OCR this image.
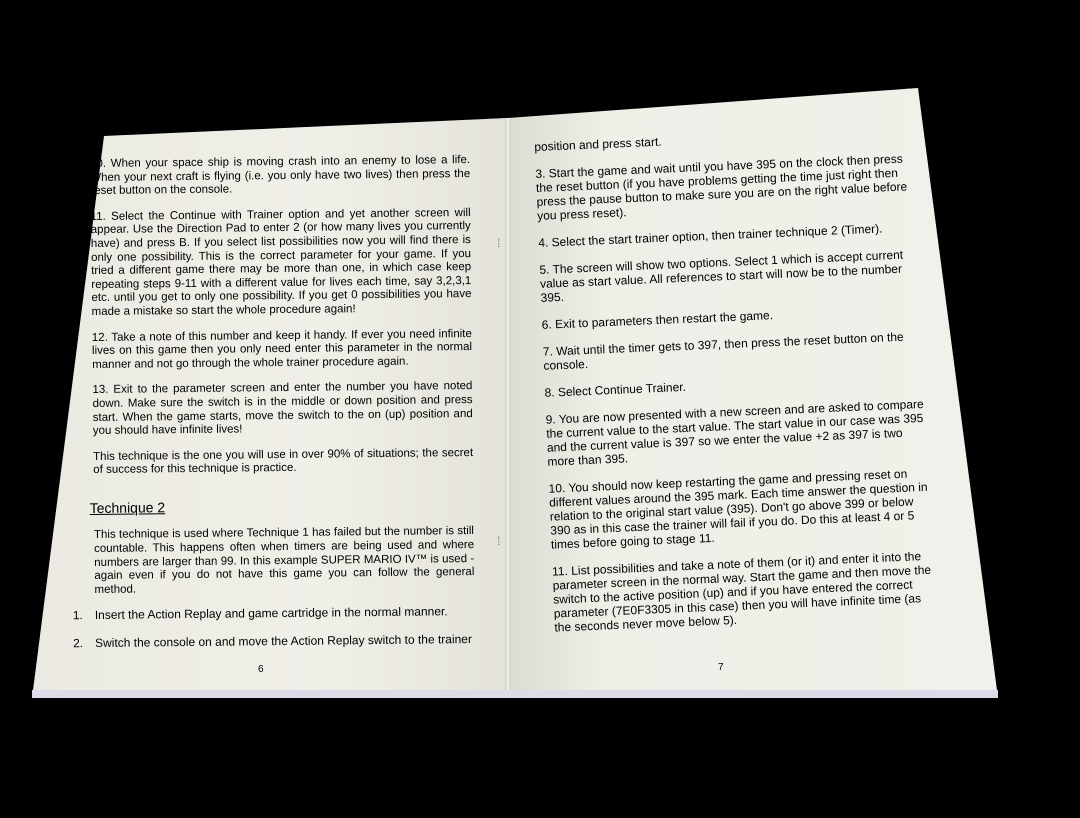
10. When your space ship is moving crash into an enemy to lose a life. When your next craft is flying (i.e. you only have two lives) then press the reset button on the console.

11. Select the Continue with Trainer option and yet another screen will appear. Use the Direction Pad to enter 2 (or how many lives you currently have) and press B. If you select list possibilities now you will find there is only one possibility. This is the correct parameter for your game. If you tried a different game there may be more than one, in which case keep repeating steps 9-11 with a different value for lives each time, say 3,2,3,1 etc. until you get to only one possibility. If you get 0 possibilities you have made a mistake so start the whole procedure again!

12. Take a note of this number and keep it handy. If ever you need infinite lives on this game then you only need enter this parameter in the normal manner and not go through the whole trainer procedure again.

13. Exit to the parameter screen and enter the number you have noted down. Make sure the switch is in the middle or down position and press start. When the game starts, move the switch to the on (up) position and you should have infinite lives!

This technique is the one you will use in over 90% of situations; the secret of success for this technique is practice.

Technique 2

This technique is used where Technique 1 has failed but the number is still countable. This happens often when timers are being used and where numbers are larger than 99. In this example SUPER MARIO IV™ is used - again even if you do not have this game you can follow the general method.

1. Insert the Action Replay and game cartridge in the normal manner.
2. Switch the console on and move the Action Replay switch to the trainer

position and press start.

3. Start the game and wait until you have 395 on the clock then press the reset button (if you have problems getting the time just right then press the pause button to make sure you are on the right value before you press reset).

4. Select the start trainer option, then trainer technique 2 (Timer).

5. The screen will show two options. Select 1 which is accept current value as start value. All references to start will now be to the number 395.

6. Exit to parameters then restart the game.

7. Wait until the timer gets to 397, then press the reset button on the console.

8. Select Continue Trainer.

9. You are now presented with a new screen and are asked to compare the current value to the start value. The start value in our case was 395 and the current value is 397 so we enter the value +2 as 397 is two more than 395.

10. You should now keep restarting the game and pressing reset on different values around the 395 mark. Each time answer the question in relation to the original start value (395). Don't go above 399 or below 390 as in this case the trainer will fail if you do. Do this at least 4 or 5 times before going to stage 11.

11. List possibilities and take a note of them (or it) and enter it into the parameter screen in the normal way. Start the game and then move the switch to the active position (up) and if you have entered the correct parameter (7E0F3305 in this case) then you will have infinite time (as the seconds never move below 5).

⁞
⁞
6	7
